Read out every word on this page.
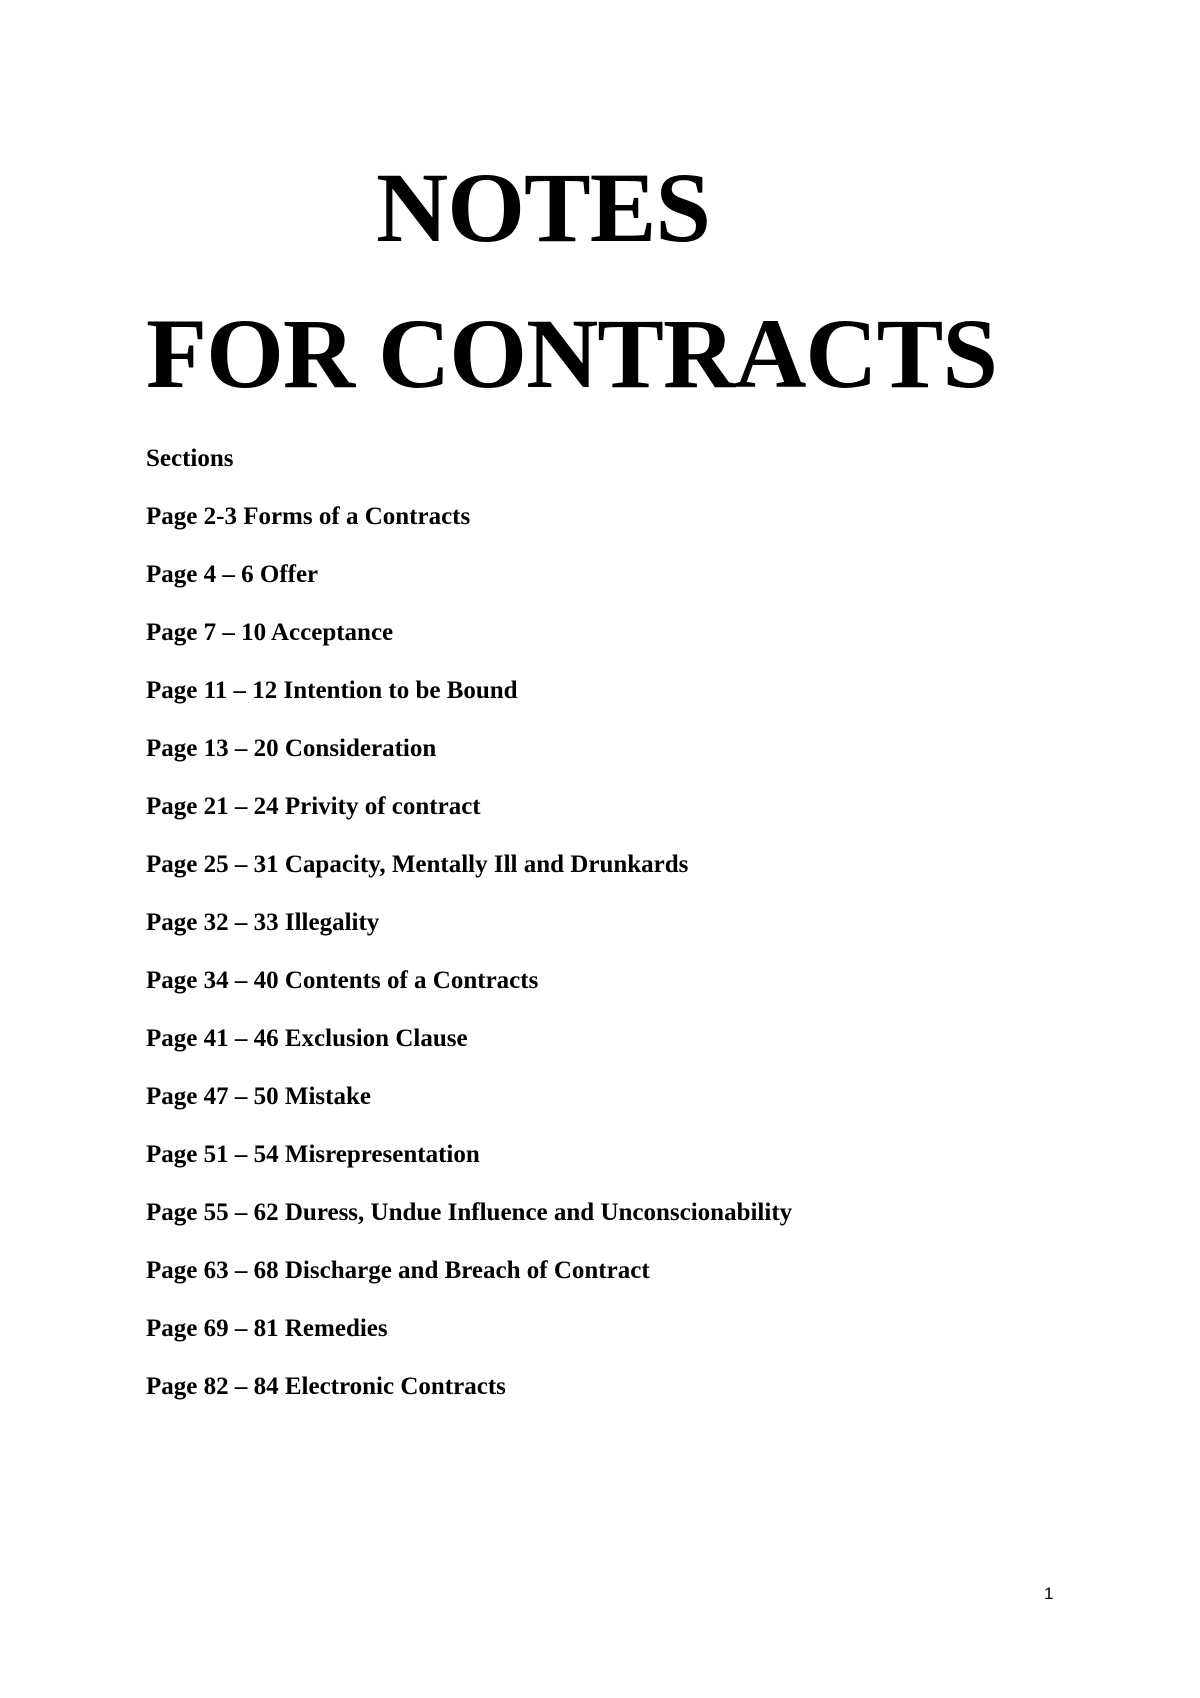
NOTES
FOR CONTRACTS

Sections

Page 2-3 Forms of a Contracts
Page 4 – 6 Offer
Page 7 – 10 Acceptance
Page 11 – 12 Intention to be Bound
Page 13 – 20 Consideration
Page 21 – 24 Privity of contract
Page 25 – 31 Capacity, Mentally Ill and Drunkards
Page 32 – 33 Illegality
Page 34 – 40 Contents of a Contracts
Page 41 – 46 Exclusion Clause
Page 47 – 50 Mistake
Page 51 – 54 Misrepresentation
Page 55 – 62 Duress, Undue Influence and Unconscionability
Page 63 – 68 Discharge and Breach of Contract
Page 69 – 81 Remedies
Page 82 – 84 Electronic Contracts
1
